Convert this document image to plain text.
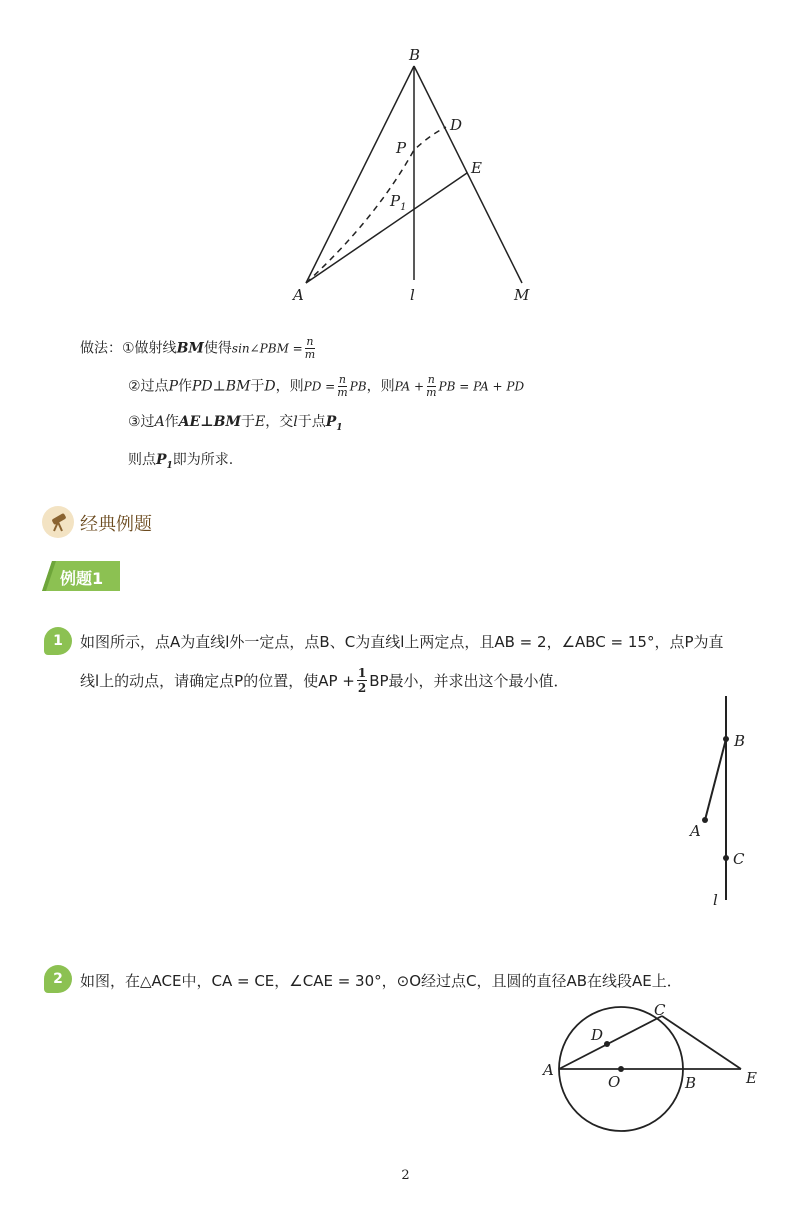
B
D
P
E
$P_1$
A	l	M
做法：①做射线BM使得sin∠PBM = $\frac{n}{m}$
②过点P作PD⊥BM于D，则PD = $\frac{n}{m}$ PB，则PA + $\frac{n}{m}$ PB = PA + PD
③过A作AE⊥BM于E，交l于点$P_1$
则点$P_1$即为所求.
经典例题
例题1
1	如图所示，点A为直线l外一定点，点B、C为直线l上两定点，且AB = 2，∠ABC = 15°，点P为直
线l上的动点，请确定点P的位置，使AP + $\frac{1}{2}$ BP最小，并求出这个最小值．
B
A
C
l
2	如图，在△ACE中，CA = CE，∠CAE = 30°，⊙O经过点C，且圆的直径AB在线段AE上．
C
D
A
O	B	E
2
